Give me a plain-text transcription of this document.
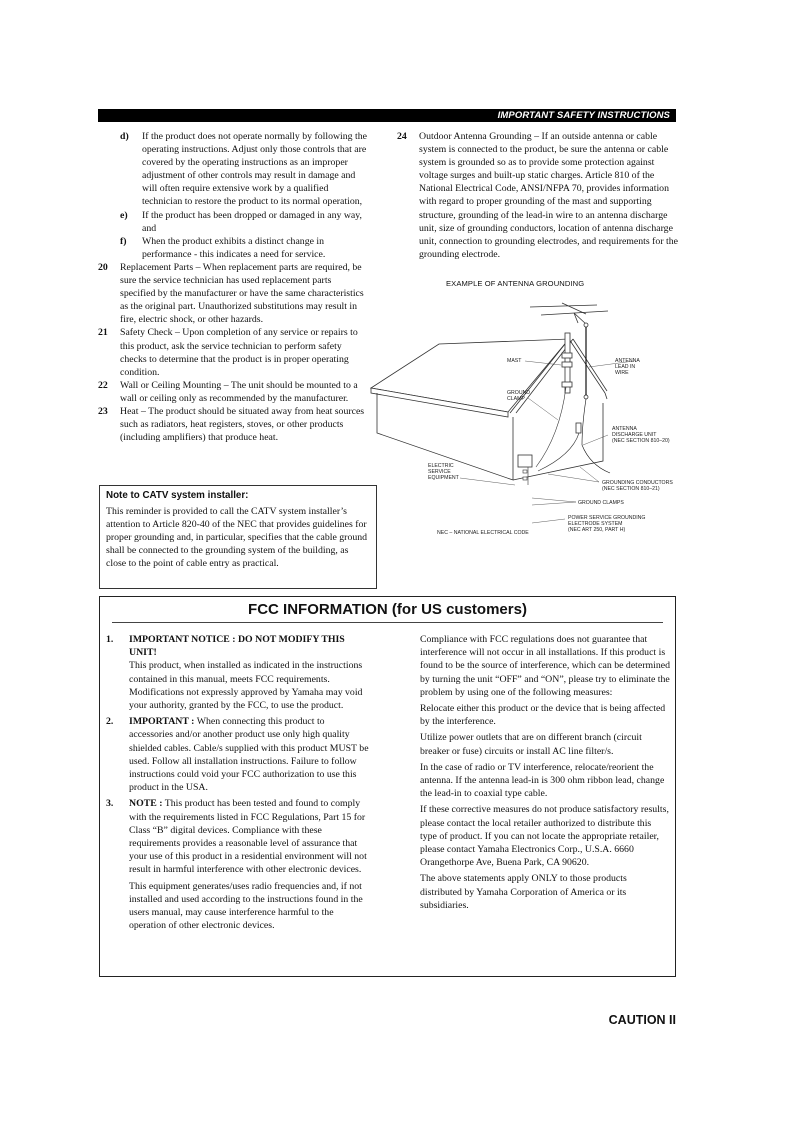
IMPORTANT SAFETY INSTRUCTIONS
d) If the product does not operate normally by following the operating instructions. Adjust only those controls that are covered by the operating instructions as an improper adjustment of other controls may result in damage and will often require extensive work by a qualified technician to restore the product to its normal operation,
e) If the product has been dropped or damaged in any way, and
f) When the product exhibits a distinct change in performance - this indicates a need for service.
20 Replacement Parts – When replacement parts are required, be sure the service technician has used replacement parts specified by the manufacturer or have the same characteristics as the original part. Unauthorized substitutions may result in fire, electric shock, or other hazards.
21 Safety Check – Upon completion of any service or repairs to this product, ask the service technician to perform safety checks to determine that the product is in proper operating condition.
22 Wall or Ceiling Mounting – The unit should be mounted to a wall or ceiling only as recommended by the manufacturer.
23 Heat – The product should be situated away from heat sources such as radiators, heat registers, stoves, or other products (including amplifiers) that produce heat.

Note to CATV system installer:

This reminder is provided to call the CATV system installer’s attention to Article 820-40 of the NEC that provides guidelines for proper grounding and, in particular, specifies that the cable ground shall be connected to the grounding system of the building, as close to the point of cable entry as practical.

24 Outdoor Antenna Grounding – If an outside antenna or cable system is connected to the product, be sure the antenna or cable system is grounded so as to provide some protection against voltage surges and built-up static charges. Article 810 of the National Electrical Code, ANSI/NFPA 70, provides information with regard to proper grounding of the mast and supporting structure, grounding of the lead-in wire to an antenna discharge unit, size of grounding conductors, location of antenna discharge unit, connection to grounding electrodes, and requirements for the grounding electrode.
EXAMPLE OF ANTENNA GROUNDING
MAST	ANTENNA
LEAD IN
WIRE
GROUND
CLAMP
ANTENNA
DISCHARGE UNIT
(NEC SECTION 810–20)
ELECTRIC
SERVICE
EQUIPMENT
GROUNDING CONDUCTORS
(NEC SECTION 810–21)
GROUND CLAMPS
POWER SERVICE GROUNDING
ELECTRODE SYSTEM
(NEC ART 250, PART H)
NEC – NATIONAL ELECTRICAL CODE
FCC INFORMATION (for US customers)
1. IMPORTANT NOTICE : DO NOT MODIFY THIS UNIT!

This product, when installed as indicated in the instructions contained in this manual, meets FCC requirements. Modifications not expressly approved by Yamaha may void your authority, granted by the FCC, to use the product.

2. IMPORTANT : When connecting this product to accessories and/or another product use only high quality shielded cables. Cable/s supplied with this product MUST be used. Follow all installation instructions. Failure to follow instructions could void your FCC authorization to use this product in the USA.

3. NOTE : This product has been tested and found to comply with the requirements listed in FCC Regulations, Part 15 for Class “B” digital devices. Compliance with these requirements provides a reasonable level of assurance that your use of this product in a residential environment will not result in harmful interference with other electronic devices.

This equipment generates/uses radio frequencies and, if not installed and used according to the instructions found in the users manual, may cause interference harmful to the operation of other electronic devices.

Compliance with FCC regulations does not guarantee that interference will not occur in all installations. If this product is found to be the source of interference, which can be determined by turning the unit “OFF” and “ON”, please try to eliminate the problem by using one of the following measures:

Relocate either this product or the device that is being affected by the interference.

Utilize power outlets that are on different branch (circuit breaker or fuse) circuits or install AC line filter/s.

In the case of radio or TV interference, relocate/reorient the antenna. If the antenna lead-in is 300 ohm ribbon lead, change the lead-in to coaxial type cable.

If these corrective measures do not produce satisfactory results, please contact the local retailer authorized to distribute this type of product. If you can not locate the appropriate retailer, please contact Yamaha Electronics Corp., U.S.A. 6660 Orangethorpe Ave, Buena Park, CA 90620.

The above statements apply ONLY to those products distributed by Yamaha Corporation of America or its subsidiaries.

CAUTION II
